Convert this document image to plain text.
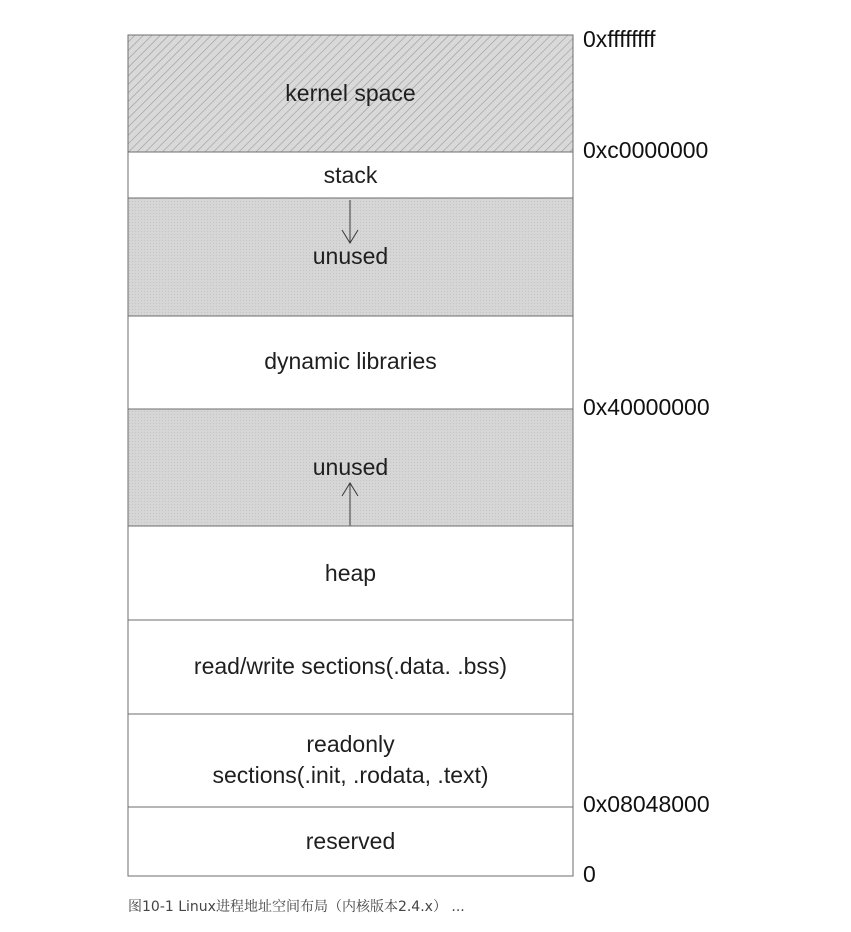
kernel space
stack
unused
dynamic libraries
unused
heap
read/write sections(.data. .bss)
readonly
sections(.init, .rodata, .text)
reserved
0xffffffff
0xc0000000
0x40000000
0x08048000
0
图10-1 Linux进程地址空间布局（内核版本2.4.x） ...
